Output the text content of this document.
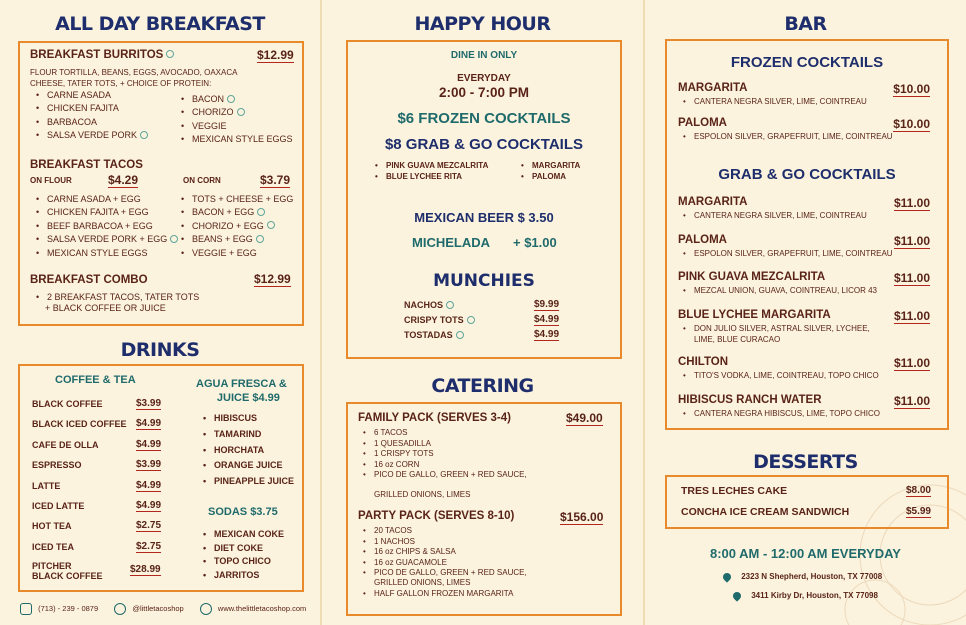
ALL DAY BREAKFAST
BREAKFAST BURRITOS	$12.99
FLOUR TORTILLA, BEANS, EGGS, AVOCADO, OAXACA
CHEESE, TATER TOTS, + CHOICE OF PROTEIN:
• CARNE ASADA
• CHICKEN FAJITA
• BARBACOA
• SALSA VERDE PORK
• BACON
• CHORIZO
• VEGGIE
• MEXICAN STYLE EGGS
BREAKFAST TACOS
ON FLOUR	$4.29	ON CORN	$3.79
• CARNE ASADA + EGG
• CHICKEN FAJITA + EGG
• BEEF BARBACOA + EGG
• SALSA VERDE PORK + EGG
• MEXICAN STYLE EGGS
• TOTS + CHEESE + EGG
• BACON + EGG
• CHORIZO + EGG
• BEANS + EGG
• VEGGIE + EGG
BREAKFAST COMBO	$12.99
• 2 BREAKFAST TACOS, TATER TOTS
+ BLACK COFFEE OR JUICE
DRINKS
COFFEE & TEA
BLACK COFFEE	$3.99
BLACK ICED COFFEE $4.99
CAFE DE OLLA	$4.99
ESPRESSO	$3.99
LATTE	$4.99
ICED LATTE	$4.99
HOT TEA	$2.75
ICED TEA	$2.75
PITCHER
BLACK COFFEE
$28.99
AGUA FRESCA &
JUICE $4.99
• HIBISCUS
• TAMARIND
• HORCHATA
• ORANGE JUICE
• PINEAPPLE JUICE
SODAS $3.75
• MEXICAN COKE
• DIET COKE
• TOPO CHICO
• JARRITOS
(713) - 239 - 0879	@littletacoshop	www.thelittletacoshop.com
HAPPY HOUR
DINE IN ONLY
EVERYDAY
2:00 - 7:00 PM
$6 FROZEN COCKTAILS
$8 GRAB & GO COCKTAILS
• PINK GUAVA MEZCALRITA
• BLUE LYCHEE RITA
• MARGARITA
• PALOMA
MEXICAN BEER $ 3.50
MICHELADA + $1.00
MUNCHIES
NACHOS	$9.99
CRISPY TOTS	$4.99
TOSTADAS	$4.99
CATERING
FAMILY PACK (SERVES 3-4)	$49.00
• 6 TACOS
• 1 QUESADILLA
• 1 CRISPY TOTS
• 16 oz CORN
• PICO DE GALLO, GREEN + RED SAUCE,
GRILLED ONIONS, LIMES
PARTY PACK (SERVES 8-10)	$156.00
• 20 TACOS
• 1 NACHOS
• 16 oz CHIPS & SALSA
• 16 oz GUACAMOLE
• PICO DE GALLO, GREEN + RED SAUCE,
GRILLED ONIONS, LIMES
• HALF GALLON FROZEN MARGARITA
BAR
FROZEN COCKTAILS
MARGARITA	$10.00
• CANTERA NEGRA SILVER, LIME, COINTREAU
PALOMA	$10.00
• ESPOLON SILVER, GRAPEFRUIT, LIME, COINTREAU
GRAB & GO COCKTAILS
MARGARITA	$11.00
• CANTERA NEGRA SILVER, LIME, COINTREAU
PALOMA	$11.00
• ESPOLON SILVER, GRAPEFRUIT, LIME, COINTREAU
PINK GUAVA MEZCALRITA	$11.00
• MEZCAL UNION, GUAVA, COINTREAU, LICOR 43
BLUE LYCHEE MARGARITA	$11.00
• DON JULIO SILVER, ASTRAL SILVER, LYCHEE,
LIME, BLUE CURACAO
CHILTON	$11.00
• TITO'S VODKA, LIME, COINTREAU, TOPO CHICO
HIBISCUS RANCH WATER	$11.00
• CANTERA NEGRA HIBISCUS, LIME, TOPO CHICO
DESSERTS
TRES LECHES CAKE	$8.00
CONCHA ICE CREAM SANDWICH	$5.99
8:00 AM - 12:00 AM EVERYDAY
2323 N Shepherd, Houston, TX 77008
3411 Kirby Dr, Houston, TX 77098
